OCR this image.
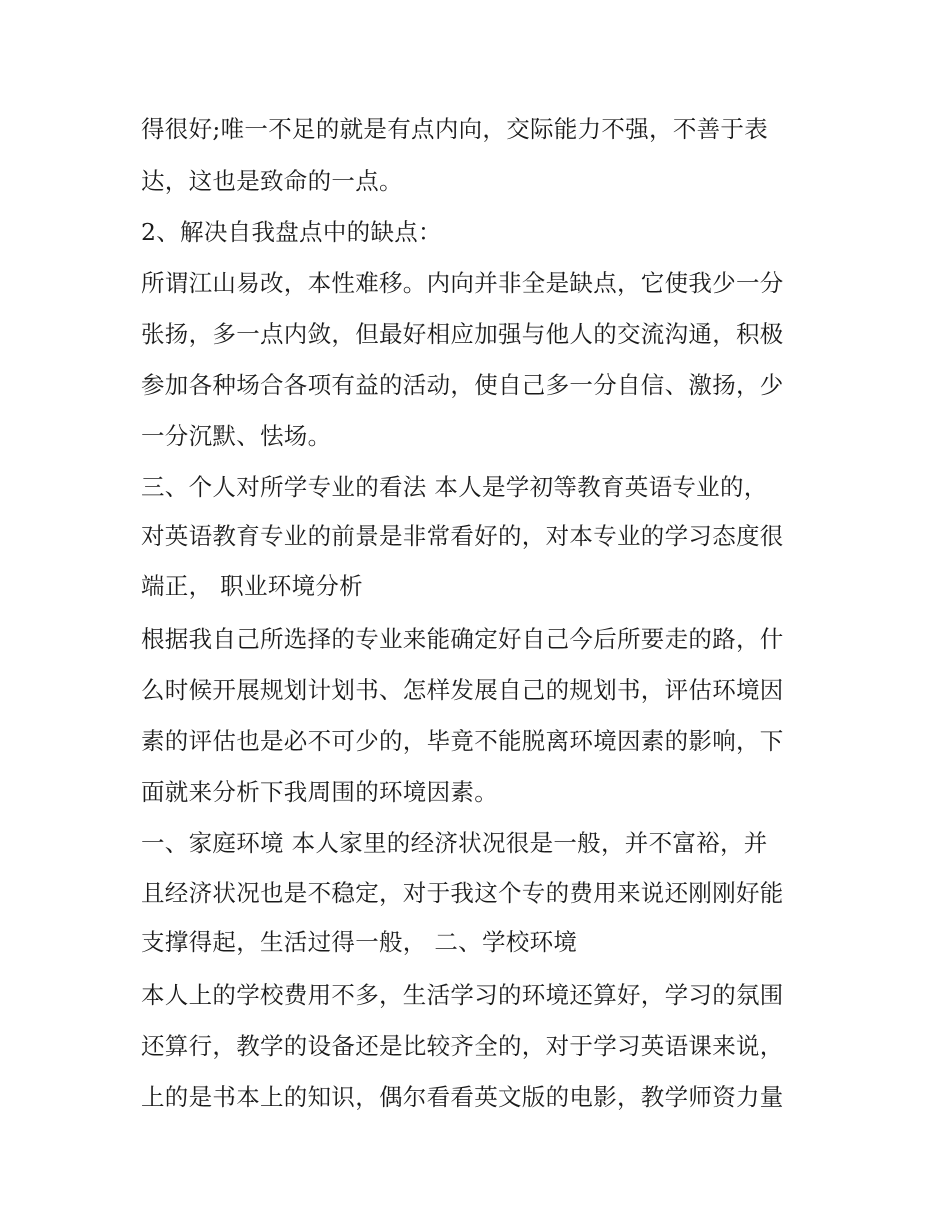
得很好;唯一不足的就是有点内向，交际能力不强，不善于表
达，这也是致命的一点。
2、解决自我盘点中的缺点：
所谓江山易改，本性难移。内向并非全是缺点，它使我少一分
张扬，多一点内敛，但最好相应加强与他人的交流沟通，积极
参加各种场合各项有益的活动，使自己多一分自信、激扬，少
一分沉默、怯场。
三、个人对所学专业的看法 本人是学初等教育英语专业的，
对英语教育专业的前景是非常看好的，对本专业的学习态度很
端正， 职业环境分析
根据我自己所选择的专业来能确定好自己今后所要走的路，什
么时候开展规划计划书、怎样发展自己的规划书，评估环境因
素的评估也是必不可少的，毕竟不能脱离环境因素的影响，下
面就来分析下我周围的环境因素。
一、家庭环境 本人家里的经济状况很是一般，并不富裕，并
且经济状况也是不稳定，对于我这个专的费用来说还刚刚好能
支撑得起，生活过得一般， 二、学校环境
本人上的学校费用不多，生活学习的环境还算好，学习的氛围
还算行，教学的设备还是比较齐全的，对于学习英语课来说，
上的是书本上的知识，偶尔看看英文版的电影，教学师资力量
